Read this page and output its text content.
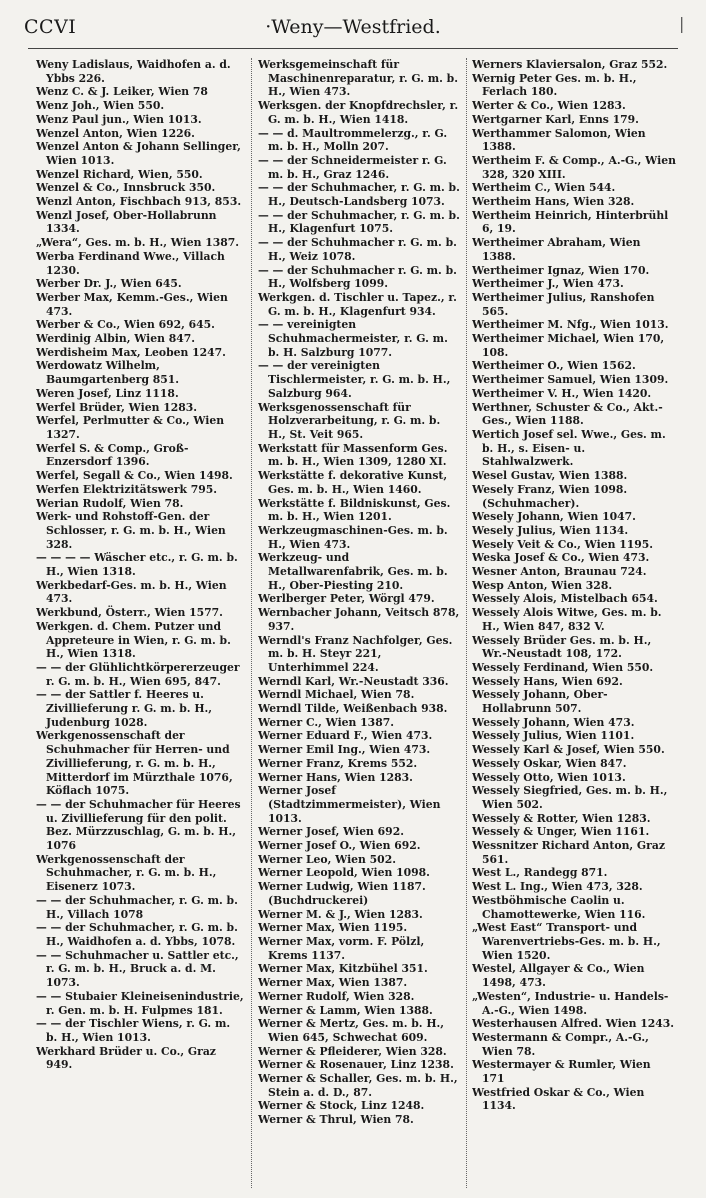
CCVI	·Weny—Westfried.	|

Weny Ladislaus, Waidhofen a. d. Ybbs 226.

Wenz C. & J. Leiker, Wien 78

Wenz Joh., Wien 550.

Wenz Paul jun., Wien 1013.

Wenzel Anton, Wien 1226.

Wenzel Anton & Johann Sellinger, Wien 1013.

Wenzel Richard, Wien, 550.

Wenzel & Co., Innsbruck 350.

Wenzl Anton, Fischbach 913, 853.

Wenzl Josef, Ober-Hollabrunn 1334.

„Wera“, Ges. m. b. H., Wien 1387.

Werba Ferdinand Wwe., Villach 1230.

Werber Dr. J., Wien 645.

Werber Max, Kemm.-Ges., Wien 473.

Werber & Co., Wien 692, 645.

Werdinig Albin, Wien 847.

Werdisheim Max, Leoben 1247.

Werdowatz Wilhelm, Baumgartenberg 851.

Weren Josef, Linz 1118.

Werfel Brüder, Wien 1283.

Werfel, Perlmutter & Co., Wien 1327.

Werfel S. & Comp., Groß-Enzersdorf 1396.

Werfel, Segall & Co., Wien 1498.

Werfen Elektrizitätswerk 795.

Werian Rudolf, Wien 78.

Werk- und Rohstoff-Gen. der Schlosser, r. G. m. b. H., Wien 328.

— — — — Wäscher etc., r. G. m. b. H., Wien 1318.

Werkbedarf-Ges. m. b. H., Wien 473.

Werkbund, Österr., Wien 1577.

Werkgen. d. Chem. Putzer und Appreteure in Wien, r. G. m. b. H., Wien 1318.

— — der Glühlichtkörpererzeuger r. G. m. b. H., Wien 695, 847.

— — der Sattler f. Heeres u. Zivillieferung r. G. m. b. H., Judenburg 1028.

Werkgenossenschaft der Schuhmacher für Herren- und Zivillieferung, r. G. m. b. H., Mitterdorf im Mürzthale 1076, Köflach 1075.

— — der Schuhmacher für Heeres u. Zivillieferung für den polit. Bez. Mürzzuschlag, G. m. b. H., 1076

Werkgenossenschaft der Schuhmacher, r. G. m. b. H., Eisenerz 1073.

— — der Schuhmacher, r. G. m. b. H., Villach 1078

— — der Schuhmacher, r. G. m. b. H., Waidhofen a. d. Ybbs, 1078.

— — Schuhmacher u. Sattler etc., r. G. m. b. H., Bruck a. d. M. 1073.

— — Stubaier Kleineisenindustrie, r. Gen. m. b. H. Fulpmes 181.

— — der Tischler Wiens, r. G. m. b. H., Wien 1013.

Werkhard Brüder u. Co., Graz 949.

Werksgemeinschaft für Maschinenreparatur, r. G. m. b. H., Wien 473.

Werksgen. der Knopfdrechsler, r. G. m. b. H., Wien 1418.

— — d. Maultrommelerzg., r. G. m. b. H., Molln 207.

— — der Schneidermeister r. G. m. b. H., Graz 1246.

— — der Schuhmacher, r. G. m. b. H., Deutsch-Landsberg 1073.

— — der Schuhmacher, r. G. m. b. H., Klagenfurt 1075.

— — der Schuhmacher r. G. m. b. H., Weiz 1078.

— — der Schuhmacher r. G. m. b. H., Wolfsberg 1099.

Werkgen. d. Tischler u. Tapez., r. G. m. b. H., Klagenfurt 934.

— — vereinigten Schuhmachermeister, r. G. m. b. H. Salzburg 1077.

— — der vereinigten Tischlermeister, r. G. m. b. H., Salzburg 964.

Werksgenossenschaft für Holzverarbeitung, r. G. m. b. H., St. Veit 965.

Werkstatt für Massenform Ges. m. b. H., Wien 1309, 1280 XI.

Werkstätte f. dekorative Kunst, Ges. m. b. H., Wien 1460.

Werkstätte f. Bildniskunst, Ges. m. b. H., Wien 1201.

Werkzeugmaschinen-Ges. m. b. H., Wien 473.

Werkzeug- und Metallwarenfabrik, Ges. m. b. H., Ober-Piesting 210.

Werlberger Peter, Wörgl 479.

Wernbacher Johann, Veitsch 878, 937.

Werndl's Franz Nachfolger, Ges. m. b. H. Steyr 221, Unterhimmel 224.

Werndl Karl, Wr.-Neustadt 336.

Werndl Michael, Wien 78.

Werndl Tilde, Weißenbach 938.

Werner C., Wien 1387.

Werner Eduard F., Wien 473.

Werner Emil Ing., Wien 473.

Werner Franz, Krems 552.

Werner Hans, Wien 1283.

Werner Josef (Stadtzimmermeister), Wien 1013.

Werner Josef, Wien 692.

Werner Josef O., Wien 692.

Werner Leo, Wien 502.

Werner Leopold, Wien 1098.

Werner Ludwig, Wien 1187. (Buchdruckerei)

Werner M. & J., Wien 1283.

Werner Max, Wien 1195.

Werner Max, vorm. F. Pölzl, Krems 1137.

Werner Max, Kitzbühel 351.

Werner Max, Wien 1387.

Werner Rudolf, Wien 328.

Werner & Lamm, Wien 1388.

Werner & Mertz, Ges. m. b. H., Wien 645, Schwechat 609.

Werner & Pfleiderer, Wien 328.

Werner & Rosenauer, Linz 1238.

Werner & Schaller, Ges. m. b. H., Stein a. d. D., 87.

Werner & Stock, Linz 1248.

Werner & Thrul, Wien 78.

Werners Klaviersalon, Graz 552.

Wernig Peter Ges. m. b. H., Ferlach 180.

Werter & Co., Wien 1283.

Wertgarner Karl, Enns 179.

Werthammer Salomon, Wien 1388.

Wertheim F. & Comp., A.-G., Wien 328, 320 XIII.

Wertheim C., Wien 544.

Wertheim Hans, Wien 328.

Wertheim Heinrich, Hinterbrühl 6, 19.

Wertheimer Abraham, Wien 1388.

Wertheimer Ignaz, Wien 170.

Wertheimer J., Wien 473.

Wertheimer Julius, Ranshofen 565.

Wertheimer M. Nfg., Wien 1013.

Wertheimer Michael, Wien 170, 108.

Wertheimer O., Wien 1562.

Wertheimer Samuel, Wien 1309.

Wertheimer V. H., Wien 1420.

Werthner, Schuster & Co., Akt.-Ges., Wien 1188.

Wertich Josef sel. Wwe., Ges. m. b. H., s. Eisen- u. Stahlwalzwerk.

Wesel Gustav, Wien 1388.

Wesely Franz, Wien 1098. (Schuhmacher).

Wesely Johann, Wien 1047.

Wesely Julius, Wien 1134.

Wesely Veit & Co., Wien 1195.

Weska Josef & Co., Wien 473.

Wesner Anton, Braunau 724.

Wesp Anton, Wien 328.

Wessely Alois, Mistelbach 654.

Wessely Alois Witwe, Ges. m. b. H., Wien 847, 832 V.

Wessely Brüder Ges. m. b. H., Wr.-Neustadt 108, 172.

Wessely Ferdinand, Wien 550.

Wessely Hans, Wien 692.

Wessely Johann, Ober-Hollabrunn 507.

Wessely Johann, Wien 473.

Wessely Julius, Wien 1101.

Wessely Karl & Josef, Wien 550.

Wessely Oskar, Wien 847.

Wessely Otto, Wien 1013.

Wessely Siegfried, Ges. m. b. H., Wien 502.

Wessely & Rotter, Wien 1283.

Wessely & Unger, Wien 1161.

Wessnitzer Richard Anton, Graz 561.

West L., Randegg 871.

West L. Ing., Wien 473, 328.

Westböhmische Caolin u. Chamottewerke, Wien 116.

„West East“ Transport- und Warenvertriebs-Ges. m. b. H., Wien 1520.

Westel, Allgayer & Co., Wien 1498, 473.

„Westen“, Industrie- u. Handels-A.-G., Wien 1498.

Westerhausen Alfred. Wien 1243.

Westermann & Compr., A.-G., Wien 78.

Westermayer & Rumler, Wien 171

Westfried Oskar & Co., Wien 1134.
